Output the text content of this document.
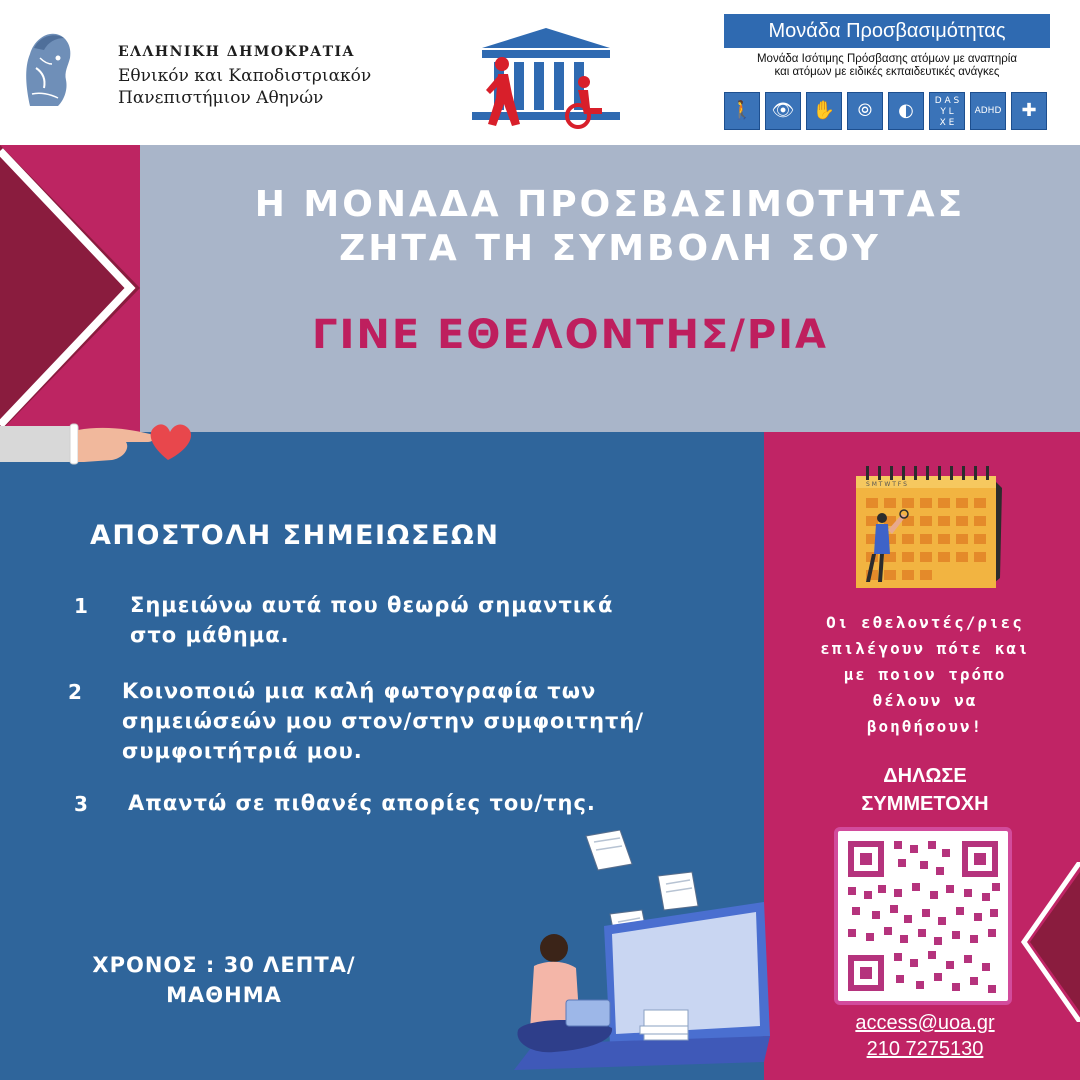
ΕΛΛΗΝΙΚΗ ΔΗΜΟΚΡΑΤΙΑ
Εθνικόν και Καποδιστριακόν
Πανεπιστήμιον Αθηνών
Μονάδα Προσβασιμότητας
Μονάδα Ισότιμης Πρόσβασης ατόμων με αναπηρία
και ατόμων με ειδικές εκπαιδευτικές ανάγκες
🚶	👁	✋	⦾	◐	D A S
Y L
X E
ADHD	✚
Η ΜΟΝΑΔΑ ΠΡΟΣΒΑΣΙΜΟΤΗΤΑΣ
ΖΗΤΑ ΤΗ ΣΥΜΒΟΛΗ ΣΟΥ
ΓΙΝΕ ΕΘΕΛΟΝΤΗΣ/ΡΙΑ
ΑΠΟΣΤΟΛΗ ΣΗΜΕΙΩΣΕΩΝ
1 Σημειώνω αυτά που θεωρώ σημαντικά
στο μάθημα.
2 Κοινοποιώ μια καλή φωτογραφία των
σημειώσεών μου στον/στην συμφοιτητή/
συμφοιτήτριά μου.
3 Απαντώ σε πιθανές απορίες του/της.
ΧΡΟΝΟΣ : 30 ΛΕΠΤΑ/
ΜΑΘΗΜΑ
S M T W T F S
Οι εθελοντές/ριες
επιλέγουν πότε και
με ποιον τρόπο
θέλουν να
βοηθήσουν!
ΔΗΛΩΣΕ
ΣΥΜΜΕΤΟΧΗ
access@uoa.gr
210 7275130
